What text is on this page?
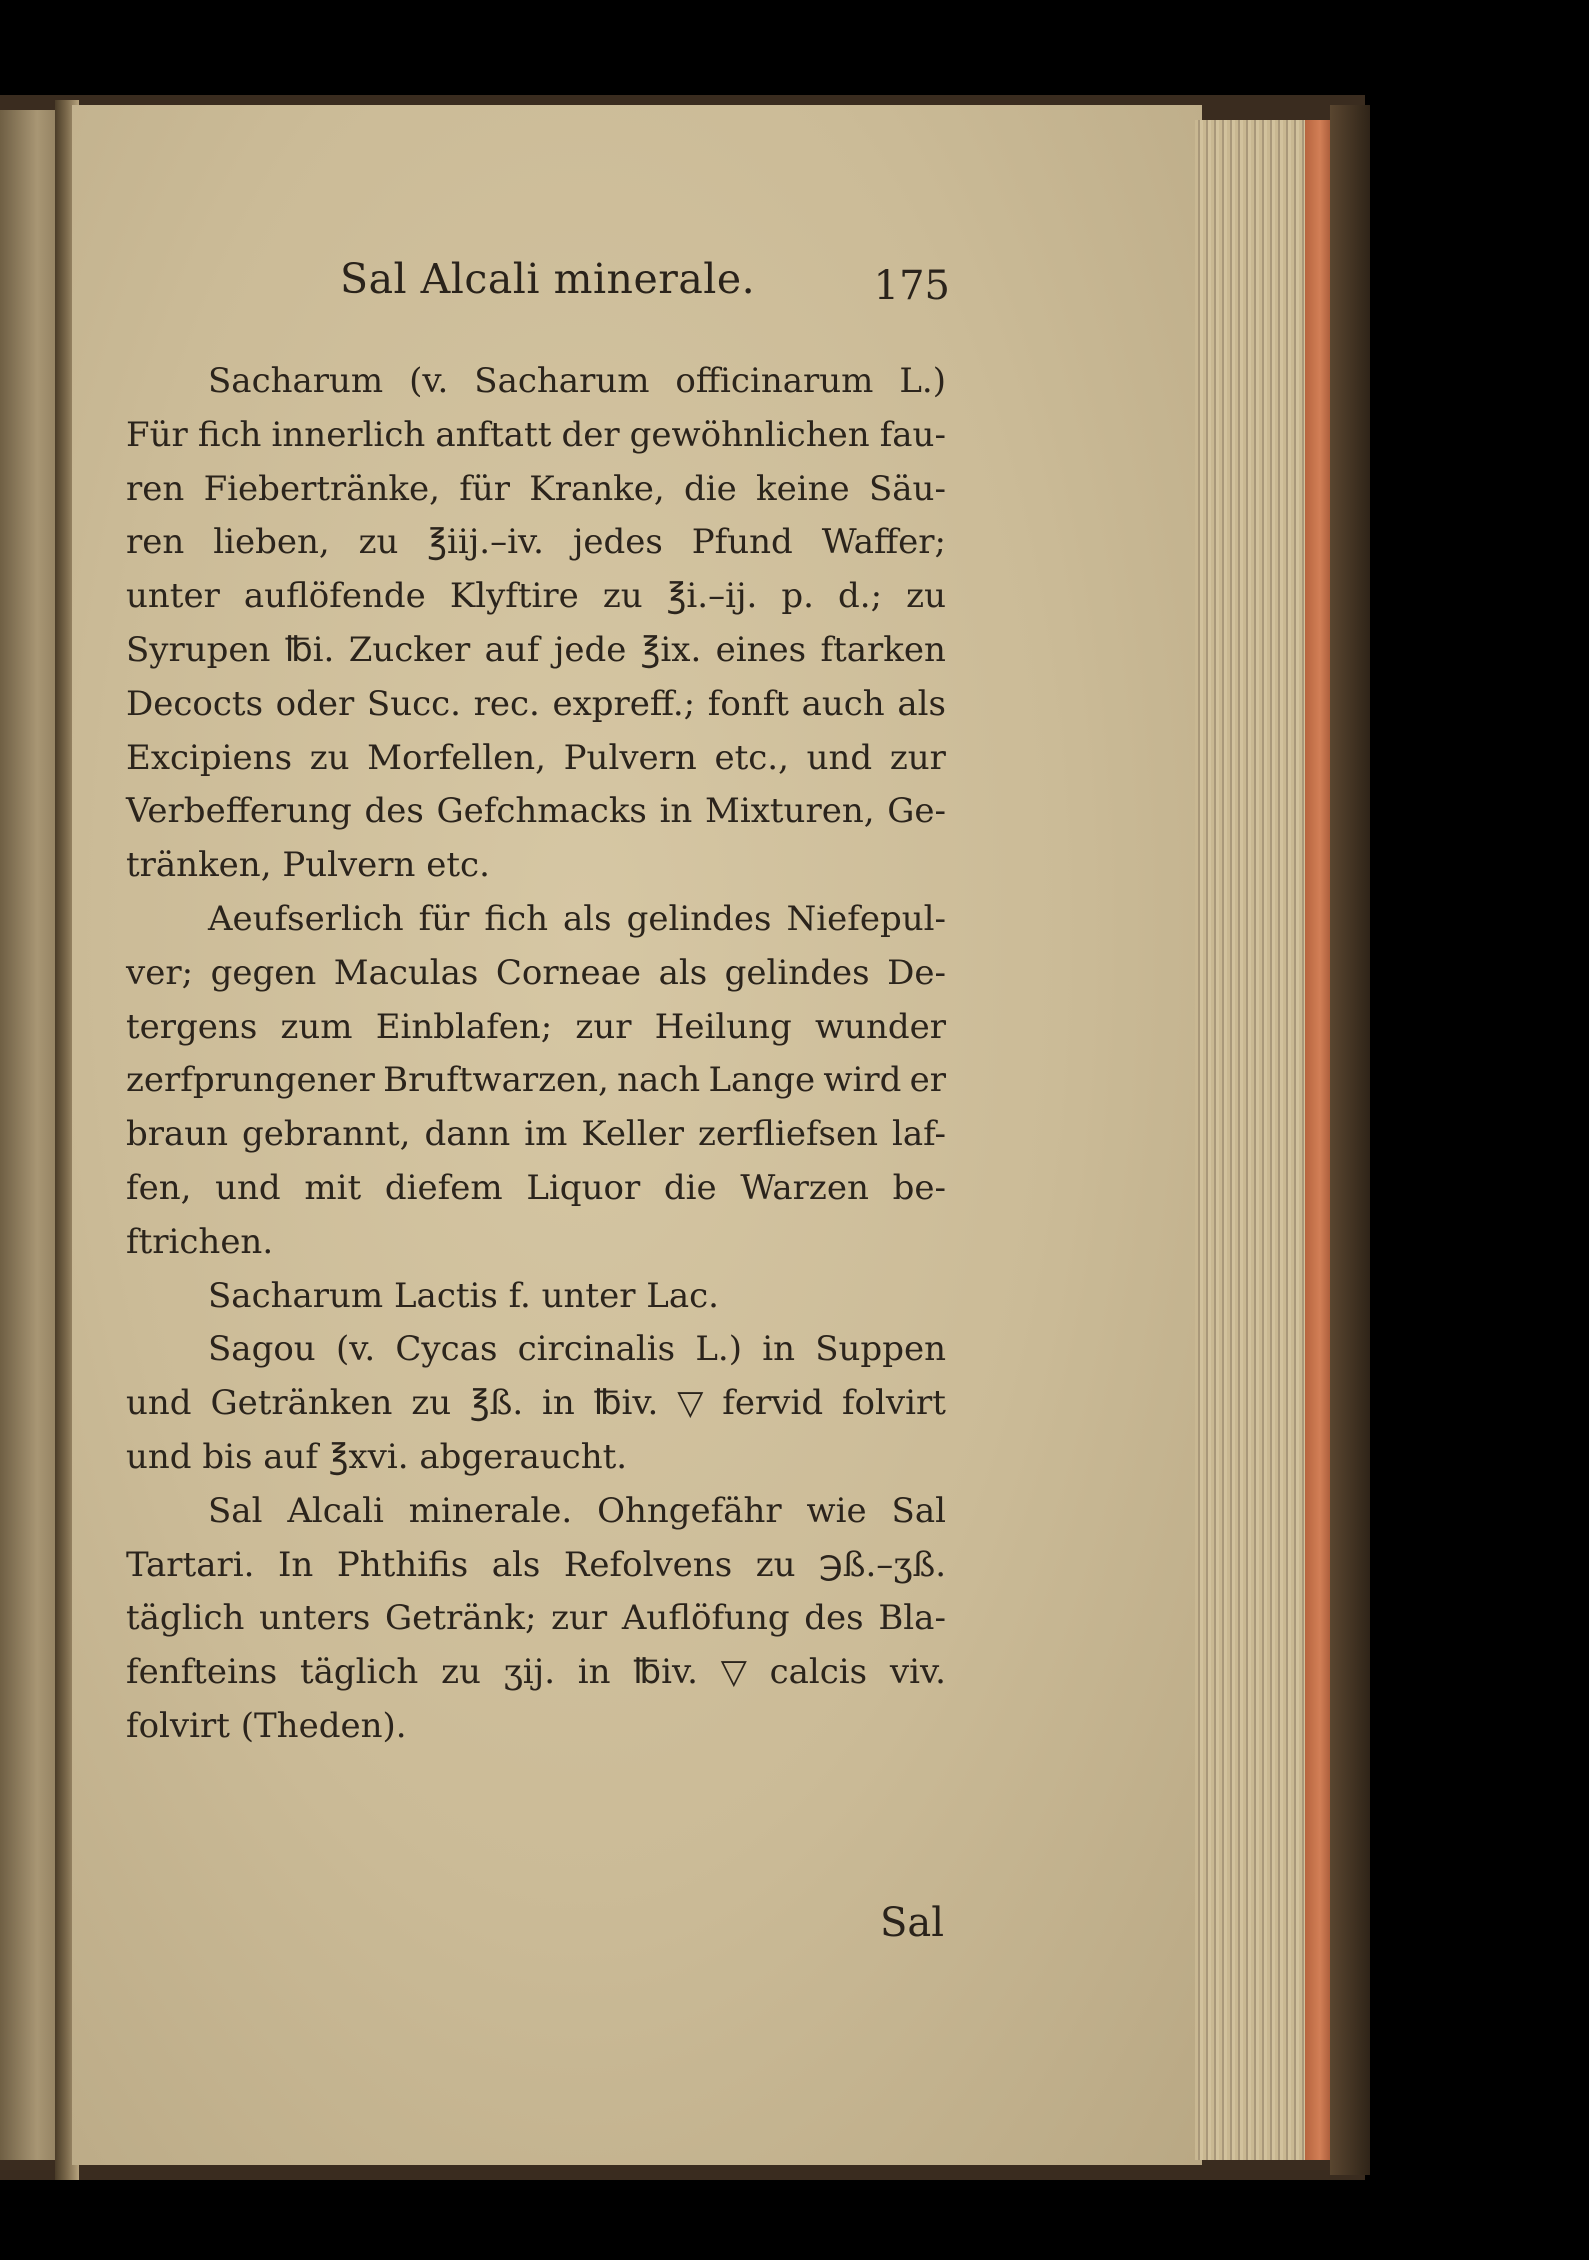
Sal Alcali minerale.	175
Sacharum (v. Sacharum officinarum L.)
Für fich innerlich anftatt der gewöhnlichen fau-
ren Fiebertränke, für Kranke, die keine Säu-
ren lieben, zu ℥iij.–iv. jedes Pfund Waffer;
unter auflöfende Klyftire zu ℥i.–ij. p. d.; zu
Syrupen ℔i. Zucker auf jede ℥ix. eines ftarken
Decocts oder Succ. rec. expreff.; fonft auch als
Excipiens zu Morfellen, Pulvern etc., und zur
Verbefferung des Gefchmacks in Mixturen, Ge-
tränken, Pulvern etc.
Aeufserlich für fich als gelindes Niefepul-
ver; gegen Maculas Corneae als gelindes De-
tergens zum Einblafen; zur Heilung wunder
zerfprungener Bruftwarzen, nach Lange wird er
braun gebrannt, dann im Keller zerfliefsen laf-
fen, und mit diefem Liquor die Warzen be-
ftrichen.
Sacharum Lactis f. unter Lac.
Sagou (v. Cycas circinalis L.) in Suppen
und Getränken zu ℥ß. in ℔iv. ▽ fervid folvirt
und bis auf ℥xvi. abgeraucht.
Sal Alcali minerale. Ohngefähr wie Sal
Tartari. In Phthifis als Refolvens zu ℈ß.–ʒß.
täglich unters Getränk; zur Auflöfung des Bla-
fenfteins täglich zu ʒij. in ℔iv. ▽ calcis viv.
folvirt (Theden).
Sal
